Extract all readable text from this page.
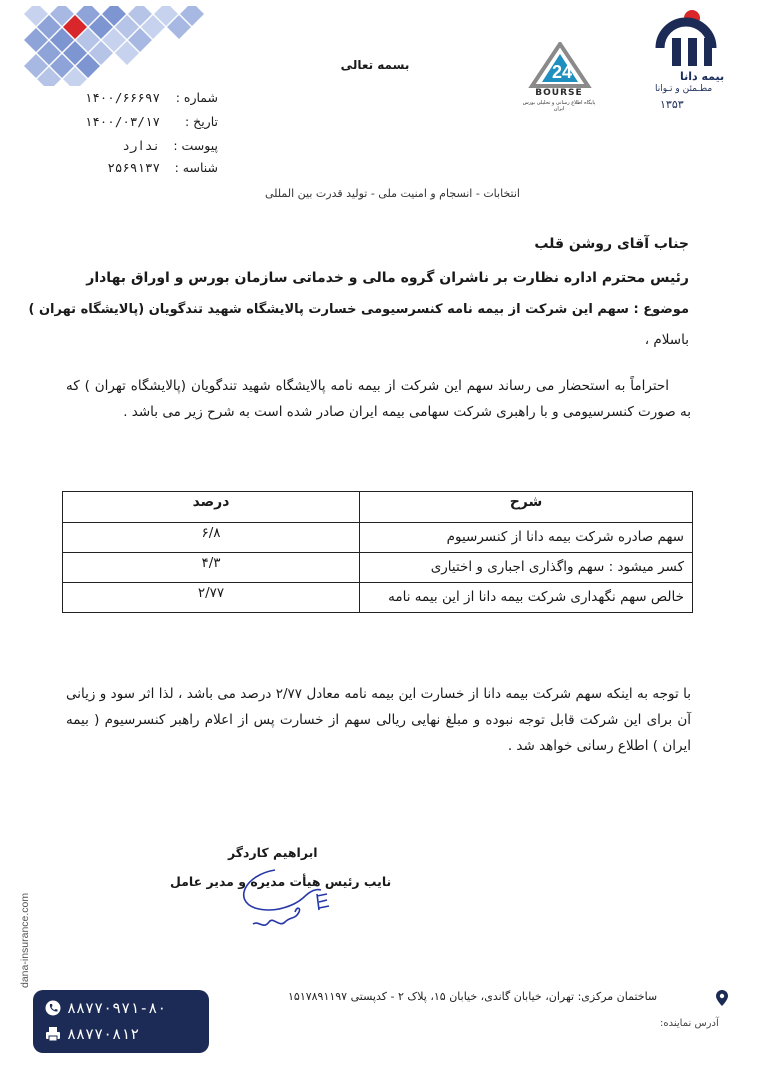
شماره :
۱۴۰۰/۶۶۶۹۷
تاریخ :
۱۴۰۰/۰۳/۱۷
پیوست :
ندارد
شناسه :
۲۵۶۹۱۳۷
بسمه تعالی	24
BOURSE
پایگاه اطلاع رسانی و تحلیلی بورس ایران
بیمه دانا
مطـمئن و تـوانا
۱۳۵۳
انتخابات - انسجام و امنیت ملی - تولید قدرت بین المللی
جناب آقای روشن قلب
رئیس محترم اداره نظارت بر ناشران گروه مالی و خدماتی سازمان بورس و اوراق بهادار
موضوع : سهم این شرکت از بیمه نامه کنسرسیومی خسارت پالایشگاه شهید تندگویان (پالایشگاه تهران )
باسلام ،
احتراماً به استحضار می رساند سهم این شرکت از بیمه نامه پالایشگاه شهید تندگویان (پالایشگاه تهران ) که به صورت کنسرسیومی و با راهبری شرکت سهامی بیمه ایران صادر شده است به شرح زیر می باشد .
شرح	درصد
سهم صادره شرکت بیمه دانا از کنسرسیوم	۶/۸
کسر میشود : سهم واگذاری اجباری و اختیاری	۴/۳
خالص سهم نگهداری شرکت بیمه دانا از این بیمه نامه	۲/۷۷
با توجه به اینکه سهم شرکت بیمه دانا از خسارت این بیمه نامه معادل ۲/۷۷ درصد می باشد ، لذا اثر سود و زیانی آن برای این شرکت قابل توجه نبوده و مبلغ نهایی ریالی سهم از خسارت پس از اعلام راهبر کنسرسیوم ( بیمه ایران ) اطلاع رسانی خواهد شد .
ابراهیم کاردگر
نایب رئیس هیأت مدیره و مدیر عامل
dana-insurance.com
۸۸۷۷۰۹۷۱-۸۰
۸۸۷۷۰۸۱۲
ساختمان مرکزی: تهران، خیابان گاندی، خیابان ۱۵، پلاک ۲ - کدپستی ۱۵۱۷۸۹۱۱۹۷
آدرس نماینده:
